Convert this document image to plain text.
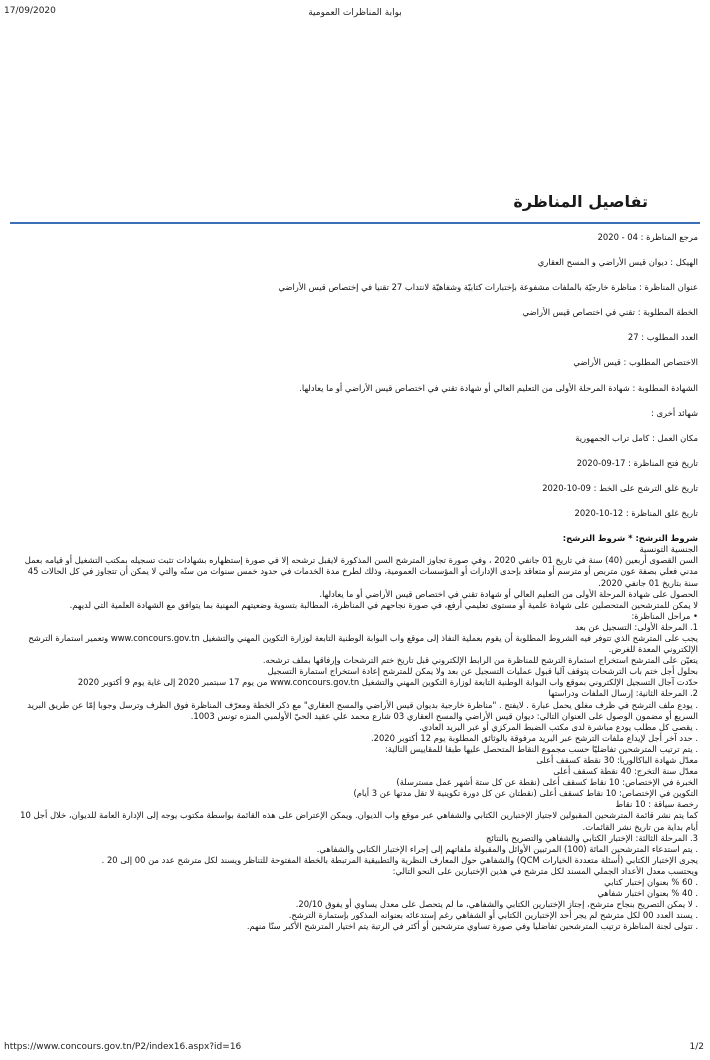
17/09/2020	بوابة المناظرات العمومية
تفاصيل المناظرة
مرجع المناظرة : 04 - 2020
الهيكل : ديوان قيس الأراضي و المسح العقاري
عنوان المناظرة : مناظرة خارجيّة بالملفات مشفوعة بإختبارات كتابيّة وشفاهيّة لانتداب 27 تقنيا في إختصاص قيس الأراضي
الخطة المطلوبة : تقني في اختصاص قيس الأراضي
العدد المطلوب : 27
الاختصاص المطلوب : قيس الأراضي
الشهادة المطلوبة : شهادة المرحلة الأولى من التعليم العالي أو شهادة تقني في اختصاص قيس الأراضي أو ما يعادلها.
شهائد أخرى :
مكان العمل : كامل تراب الجمهورية
تاريخ فتح المناظرة : 17-09-2020
تاريخ غلق الترشح على الخط : 09-10-2020
تاريخ غلق المناظرة : 12-10-2020

شروط الترشح: * شروط الترشح:

الجنسية التونسية

السن القصوى أربعين (40) سنة في تاريخ 01 جانفي 2020 ، وفي صورة تجاوز المترشح السن المذكورة لايقبل ترشحه إلا في صورة إستظهاره بشهادات تثبت تسجيله بمكتب التشغيل أو قيامه بعمل مدني فعلي بصفة عون متربص أو مترسم أو متعاقد بإحدى الإدارات أو المؤسسات العمومية، وذلك لطرح مدة الخدمات في حدود خمس سنوات من سنّه والتي لا يمكن أن تتجاوز في كل الحالات 45 سنة بتاريخ 01 جانفي 2020.

الحصول على شهادة المرحلة الأولى من التعليم العالي أو شهادة تقني في اختصاص قيس الأراضي أو ما يعادلها.

لا يمكن للمترشحين المتحصلين على شهادة علمية أو مستوى تعليمي أرفع، في صورة نجاحهم في المناظرة، المطالبة بتسوية وضعيتهم المهنية بما يتوافق مع الشهادة العلمية التي لديهم.

• مراحل المناظرة:

1. المرحلة الأولى: التسجيل عن بعد

يجب على المترشح الذي تتوفر فيه الشروط المطلوبة أن يقوم بعملية النفاذ إلى موقع واب البوابة الوطنية التابعة لوزارة التكوين المهني والتشغيل www.concours.gov.tn وتعمير استمارة الترشح الإلكتروني المعدة للغرض.

يتعيّن على المترشح استخراج استمارة الترشح للمناظرة من الرابط الإلكتروني قبل تاريخ ختم الترشحات وإرفاقها بملف ترشحه.

بحلول أجل ختم باب الترشحات يتوقف آليا قبول عمليات التسجيل عن بعد ولا يمكن للمترشح إعادة استخراج استمارة التسجيل

حدّدت آجال التسجيل الإلكتروني بموقع واب البوابة الوطنية التابعة لوزارة التكوين المهني والتشغيل www.concours.gov.tn من يوم 17 سبتمبر 2020 إلى غاية يوم 9 أكتوبر 2020

2. المرحلة الثانية: إرسال الملفات ودراستها

. يودع ملف الترشح في ظرف مغلق يحمل عبارة . لايفتح . "مناظرة خارجية بديوان قيس الأراضي والمسح العقاري" مع ذكر الخطة ومعرّف المناظرة فوق الظرف وترسل وجوبا إمّا عن طريق البريد السريع أو مضمون الوصول على العنوان التالي: ديوان قيس الأراضي والمسح العقاري 03 شارع محمد علي عقيد الحيّ الأولمبي المنزه تونس 1003.

. يقصى كل مطلب يودع مباشرة لدى مكتب الضبط المركزي أو عبر البريد العادي.

. حدد آخر أجل لإيداع ملفات الترشح عبر البريد مرفوقة بالوثائق المطلوبة يوم 12 أكتوبر 2020.

. يتم ترتيب المترشحين تفاضليّا حسب مجموع النقاط المتحصل عليها طبقا للمقاييس التالية:

معدّل شهادة الباكالوريا: 30 نقطة كسقف أعلى

معدّل سنة التخرج: 40 نقطة كسقف أعلى

الخبرة في الإختصاص: 10 نقاط كسقف أعلى (نقطة عن كل ستة أشهر عمل مسترسلة)

التكوين في الإختصاص: 10 نقاط كسقف أعلى (نقطتان عن كل دورة تكوينية لا تقل مدتها عن 3 أيام)

رخصة سياقة : 10 نقاط

كما يتم نشر قائمة المترشحين المقبولين لاجتياز الإختبارين الكتابي والشفاهي عبر موقع واب الديوان. ويمكن الإعتراض على هذه القائمة بواسطة مكتوب يوجه إلى الإدارة العامة للديوان، خلال أجل 10 أيام بداية من تاريخ نشر القائمات.

3. المرحلة الثالثة: الإختبار الكتابي والشفاهي والتصريح بالنتائج

. يتم استدعاء المترشحين المائة (100) المرتبين الأوائل والمقبولة ملفاتهم إلى إجراء الإختبار الكتابي والشفاهي.

يجرى الإختبار الكتابي (أسئلة متعددة الخيارات QCM) والشفاهي حول المعارف النظرية والتطبيقية المرتبطة بالخطة المفتوحة للتناظر ويسند لكل مترشح عدد من 00 إلى 20 .

ويحتسب معدل الأعداد الجملي المسند لكل مترشح في هذين الإختبارين على النحو التالي:

. 60 % بعنوان إختبار كتابي

. 40 % بعنوان اختبار شفاهي

. لا يمكن التصريح بنجاح مترشح، إجتاز الإختبارين الكتابي والشفاهي، ما لم يتحصل على معدل يساوي أو يفوق 20/10.

. يسند العدد 00 لكل مترشح لم يجر أحد الإختبارين الكتابي أو الشفاهي رغم إستدعائه بعنوانه المذكور بإستمارة الترشح.

. تتولى لجنة المناظرة ترتيب المترشحين تفاضليا وفي صورة تساوي مترشحين أو أكثر في الرتبة يتم اختيار المترشح الأكبر سنّا منهم.

https://www.concours.gov.tn/P2/index16.aspx?id=16	1/2
